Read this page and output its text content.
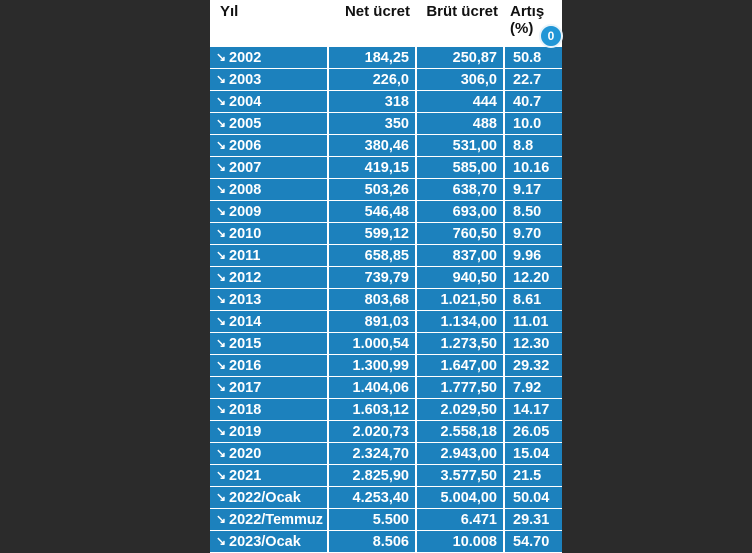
Yıl	Net ücret	Brüt ücret	Artış (%)
↘ 2002	184,25	250,87	50.8
↘ 2003	226,0	306,0	22.7
↘ 2004	318	444	40.7
↘ 2005	350	488	10.0
↘ 2006	380,46	531,00	8.8
↘ 2007	419,15	585,00	10.16
↘ 2008	503,26	638,70	9.17
↘ 2009	546,48	693,00	8.50
↘ 2010	599,12	760,50	9.70
↘ 2011	658,85	837,00	9.96
↘ 2012	739,79	940,50	12.20
↘ 2013	803,68	1.021,50	8.61
↘ 2014	891,03	1.134,00	11.01
↘ 2015	1.000,54	1.273,50	12.30
↘ 2016	1.300,99	1.647,00	29.32
↘ 2017	1.404,06	1.777,50	7.92
↘ 2018	1.603,12	2.029,50	14.17
↘ 2019	2.020,73	2.558,18	26.05
↘ 2020	2.324,70	2.943,00	15.04
↘ 2021	2.825,90	3.577,50	21.5
↘ 2022/Ocak	4.253,40	5.004,00	50.04
↘ 2022/Temmuz	5.500	6.471	29.31
↘ 2023/Ocak	8.506	10.008	54.70
0
